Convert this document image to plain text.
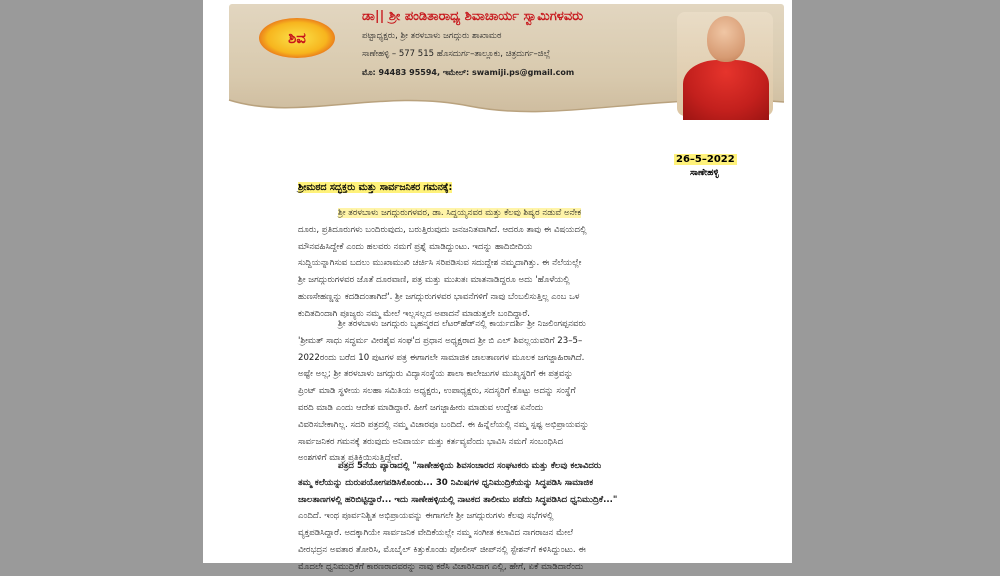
ಶಿವ
ಡಾ|| ಶ್ರೀ ಪಂಡಿತಾರಾಧ್ಯ ಶಿವಾಚಾರ್ಯ ಸ್ವಾಮಿಗಳವರು
ಪಟ್ಟಾಧ್ಯಕ್ಷರು, ಶ್ರೀ ತರಳಬಾಳು ಜಗದ್ಗುರು ಶಾಖಾಮಠ
ಸಾಣೇಹಳ್ಳಿ – 577 515 ಹೊಸದುರ್ಗ–ತಾಲ್ಲೂಕು, ಚಿತ್ರದುರ್ಗ–ಜಿಲ್ಲೆ
ಮೊ: 94483 95594, ಇಮೇಲ್: swamiji.ps@gmail.com
26–5–2022
ಸಾಣೇಹಳ್ಳಿ
ಶ್ರೀಮಠದ ಸದ್ಭಕ್ತರು ಮತ್ತು ಸಾರ್ವಜನಿಕರ ಗಮನಕ್ಕೆ:
ಶ್ರೀ ತರಳಬಾಳು ಜಗದ್ಗುರುಗಳವರ, ಡಾ. ಸಿದ್ದಯ್ಯನವರ ಮತ್ತು ಕೆಲವು ಶಿಷ್ಯರ ನಡುವೆ ಅನೇಕ
ದೂರು, ಪ್ರತಿದೂರುಗಳು ಬಂದಿರುವುದು, ಬರುತ್ತಿರುವುದು ಜನಜನಿತವಾಗಿದೆ. ಆದರೂ ತಾವು ಈ ವಿಷಯದಲ್ಲಿ
ಮೌನವಹಿಸಿದ್ದೇಕೆ ಎಂದು ಹಲವರು ನಮಗೆ ಪ್ರಶ್ನೆ ಮಾಡಿದ್ದುಂಟು. ಇದನ್ನು ಹಾದಿಬೀದಿಯ
ಸುದ್ದಿಯನ್ನಾಗಿಸುವ ಬದಲು ಮುಖಾಮುಖಿ ಚರ್ಚಿಸಿ ಸರಿಪಡಿಸುವ ಸದುದ್ದೇಶ ನಮ್ಮದಾಗಿತ್ತು. ಈ ನೆಲೆಯಲ್ಲೇ
ಶ್ರೀ ಜಗದ್ಗುರುಗಳವರ ಜೊತೆ ದೂರವಾಣಿ, ಪತ್ರ ಮತ್ತು ಮುಖತಃ ಮಾತನಾಡಿದ್ದರೂ ಅದು 'ಹೊಳೆಯಲ್ಲಿ
ಹುಣಸೇಹಣ್ಣನ್ನು ಕದಡಿದಂತಾಗಿದೆ'. ಶ್ರೀ ಜಗದ್ಗುರುಗಳವರ ಭಾವನೆಗಳಿಗೆ ನಾವು ಬೆಂಬಲಿಸುತ್ತಿಲ್ಲ ಎಂಬ ಒಳ
ಕುದಿತದಿಂದಾಗಿ ಪೂಜ್ಯರು ನಮ್ಮ ಮೇಲೆ ಇಲ್ಲಸಲ್ಲದ ಅಪಾದನೆ ಮಾಡುತ್ತಲೇ ಬಂದಿದ್ದಾರೆ.
ಶ್ರೀ ತರಳಬಾಳು ಜಗದ್ಗುರು ಬೃಹನ್ಮಠದ ಲೆಟರ್‌ಹೆಡ್‌ನಲ್ಲಿ ಕಾರ್ಯದರ್ಶಿ ಶ್ರೀ ನಿಜಲಿಂಗಪ್ಪನವರು
'ಶ್ರೀಮತ್ ಸಾಧು ಸದ್ಧರ್ಮ ವೀರಶೈವ ಸಂಘ'ದ ಪ್ರಧಾನ ಅಧ್ಯಕ್ಷರಾದ ಶ್ರೀ ಬಿ ಎಲ್ ಶಿವಲ್ಲಯವರಿಗೆ 23–5–
2022ರಂದು ಬರೆದ 10 ಪುಟಗಳ ಪತ್ರ ಈಗಾಗಲೇ ಸಾಮಾಜಿಕ ಜಾಲತಾಣಗಳ ಮೂಲಕ ಜಗಜ್ಜಾಹಿರಾಗಿದೆ.
ಅಷ್ಟೇ ಅಲ್ಲ; ಶ್ರೀ ತರಳಬಾಳು ಜಗದ್ಗುರು ವಿದ್ಯಾಸಂಸ್ಥೆಯ ಶಾಲಾ ಕಾಲೇಜುಗಳ ಮುಖ್ಯಸ್ಥರಿಗೆ ಈ ಪತ್ರವನ್ನು
ಪ್ರಿಂಟ್ ಮಾಡಿ ಸ್ಥಳೀಯ ಸಲಹಾ ಸಮಿತಿಯ ಅಧ್ಯಕ್ಷರು, ಉಪಾಧ್ಯಕ್ಷರು, ಸದಸ್ಯರಿಗೆ ಕೊಟ್ಟು ಅದನ್ನು ಸಂಸ್ಥೆಗೆ
ವರದಿ ಮಾಡಿ ಎಂದು ಆದೇಶ ಮಾಡಿದ್ದಾರೆ. ಹೀಗೆ ಜಗಜ್ಜಾಹೀರು ಮಾಡುವ ಉದ್ದೇಶ ಏನೆಂದು
ವಿವರಿಸಬೇಕಾಗಿಲ್ಲ. ಸದರಿ ಪತ್ರದಲ್ಲಿ ನಮ್ಮ ವಿಚಾರವೂ ಬಂದಿದೆ. ಈ ಹಿನ್ನೆಲೆಯಲ್ಲಿ ನಮ್ಮ ಸ್ಪಷ್ಟ ಅಭಿಪ್ರಾಯವನ್ನು
ಸಾರ್ವಜನಿಕರ ಗಮನಕ್ಕೆ ತರುವುದು ಅನಿವಾರ್ಯ ಮತ್ತು ಕರ್ತವ್ಯವೆಂದು ಭಾವಿಸಿ ನಮಗೆ ಸಂಬಂಧಿಸಿದ
ಅಂಶಗಳಿಗೆ ಮಾತ್ರ ಪ್ರತಿಕ್ರಿಯಿಸುತ್ತಿದ್ದೇವೆ.
ಪತ್ರದ 5ನೆಯ ಪ್ಯಾರಾದಲ್ಲಿ "ಸಾಣೇಹಳ್ಳಿಯ ಶಿವಸಂಚಾರದ ಸಂಘಟಕರು ಮತ್ತು ಕೆಲವು ಕಲಾವಿದರು
ತಮ್ಮ ಕಲೆಯನ್ನು ದುರುಪಯೋಗಪಡಿಸಿಕೊಂಡು... 30 ನಿಮಿಷಗಳ ಧ್ವನಿಮುದ್ರಿಕೆಯನ್ನು ಸಿದ್ಧಪಡಿಸಿ ಸಾಮಾಜಿಕ
ಜಾಲತಾಣಗಳಲ್ಲಿ ಹರಿಬಿಟ್ಟಿದ್ದಾರೆ... ಇದು ಸಾಣೇಹಳ್ಳಿಯಲ್ಲಿ ನಾಟಕದ ತಾಲೀಮು ಪಡೆದು ಸಿದ್ಧಪಡಿಸಿದ ಧ್ವನಿಮುದ್ರಿಕೆ..."
ಎಂದಿದೆ. ಇಂಥ ಪೂರ್ವನಿಶ್ಚಿತ ಅಭಿಪ್ರಾಯವನ್ನು ಈಗಾಗಲೇ ಶ್ರೀ ಜಗದ್ಗುರುಗಳು ಕೆಲವು ಸಭೆಗಳಲ್ಲಿ
ವ್ಯಕ್ತಪಡಿಸಿದ್ದಾರೆ. ಅದಕ್ಕಾಗಿಯೇ ಸಾರ್ವಜನಿಕ ವೇದಿಕೆಯಲ್ಲೇ ನಮ್ಮ ಸಂಗೀತ ಕಲಾವಿದ ನಾಗರಾಜನ ಮೇಲೆ
ವೀರಭದ್ರನ ಅವತಾರ ತೋರಿಸಿ, ಮೊಬೈಲ್ ಕಿತ್ತುಕೊಂಡು ಪೋಲೀಸ್ ಜೀಪ್‌ನಲ್ಲಿ ಸ್ಟೇಶನ್‌ಗೆ ಕಳಿಸಿದ್ದುಂಟು. ಈ
ಮೊದಲೇ ಧ್ವನಿಮುದ್ರಿಕೆಗೆ ಕಾರಣರಾದವರನ್ನು ನಾವು ಕರೆಸಿ ವಿಚಾರಿಸಿದಾಗ ಎಲ್ಲಿ, ಹೇಗೆ, ಏಕೆ ಮಾಡಿದಾರೆಂದು
